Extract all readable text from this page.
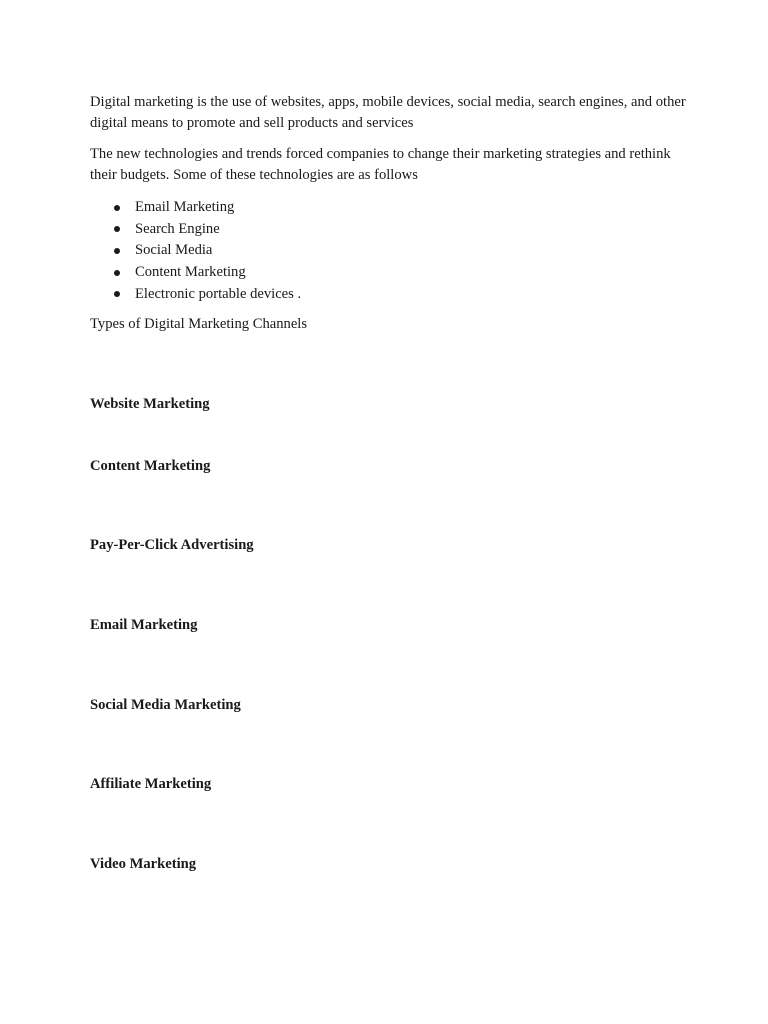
Digital marketing is the use of websites, apps, mobile devices, social media, search engines, and other digital means to promote and sell products and services

The new technologies and trends forced companies to change their marketing strategies and rethink their budgets. Some of these technologies are as follows

Email Marketing
Search Engine
Social Media
Content Marketing
Electronic portable devices .

Types of Digital Marketing Channels

Website Marketing
Content Marketing
Pay-Per-Click Advertising
Email Marketing
Social Media Marketing
Affiliate Marketing
Video Marketing
